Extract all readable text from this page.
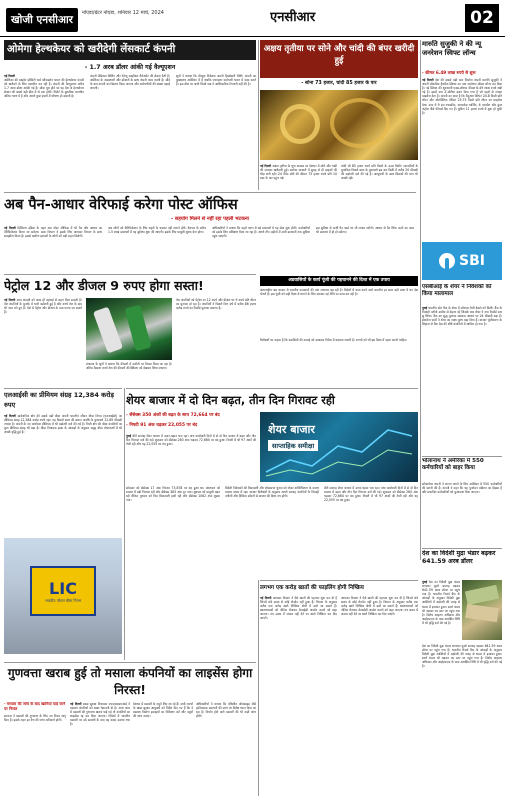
खोजी एनसीआर
नोएडा/ग्रेटर नोएडा, शनिवार 12 मार्च, 2024	एनसीआर	02
ओमेगा हेल्थकेयर को खरीदेगी लेंसकार्ट कंपनी
- 1.7 अरब डॉलर आंकी गई वैल्यूएशन
नई दिल्ली
अमेरिका की प्राइवेट इक्विटी फर्म ब्लैकस्टोन भारत की हेल्थकेयर कंपनी को खरीदने के लिए बातचीत कर रही है। कंपनी की वैल्यूएशन करीब 1.7 अरब डॉलर आंकी गई है। सौदा पूरा होने पर यह देश के हेल्थकेयर सेक्टर की सबसे बड़ी डील में से एक होगी। रिपोर्ट के मुताबिक बातचीत अंतिम चरण में है और अगले कुछ हफ्तों में घोषणा हो सकती है।
कंपनी मेडिकल बिलिंग और रेवेन्यू साइकिल मैनेजमेंट की सेवाएं देती है। अमेरिका के अस्पतालों और डॉक्टरों के साथ कंपनी काम करती है। सौदे के बाद कंपनी का विस्तार किया जाएगा और कर्मचारियों की संख्या बढ़ाई जाएगी।
सूत्रों ने बताया कि मौजूदा निवेशक अपनी हिस्सेदारी बेचेंगे। कंपनी का मुख्यालय अमेरिका में है जबकि ज्यादातर कर्मचारी भारत में काम करते हैं। इस डील पर अभी किसी पक्ष ने आधिकारिक टिप्पणी नहीं की है।
अक्षय तृतीया पर सोने और चांदी की बंपर खरीदी हुई
- सोना 73 हजार, चांदी 85 हजार के पार
नई दिल्ली अक्षय तृतीया के शुभ अवसर पर देशभर में सोने और चांदी की जमकर खरीदारी हुई। सर्राफा बाजारों में सुबह से ही ग्राहकों की भीड़ लगी रही। 24 कैरेट सोने की कीमत 73 हजार रुपये प्रति 10 ग्राम के पार पहुंच गई।
चांदी भी 85 हजार रुपये प्रति किलो के ऊपर बिकी। व्यापारियों के मुताबिक पिछले साल के मुकाबले इस बार बिक्री में करीब 20 फीसदी की बढ़ोतरी दर्ज की गई है। आभूषणों के साथ सिक्कों की मांग भी अच्छी रही।
मारुति सुजुकी ने की न्यू जनरेशन स्विफ्ट लॉन्च
- कीमत 6.49 लाख रुपये से शुरू
नई दिल्ली देश की सबसे बड़ी कार निर्माता कंपनी मारुति सुजुकी ने अपनी लोकप्रिय हैचबैक स्विफ्ट का नया जनरेशन मॉडल लॉन्च कर दिया है। नई स्विफ्ट की शुरुआती एक्स-शोरूम कीमत 6.49 लाख रुपये रखी गई है। इसमें नया Z-सीरीज इंजन दिया गया है जो पहले से ज्यादा माइलेज देता है। कंपनी का दावा है कि मैनुअल वेरिएंट 24.8 किमी प्रति लीटर और ऑटोमैटिक वेरिएंट 25.75 किमी प्रति लीटर का माइलेज देगा। कार में 9 इंच टचस्क्रीन, वायरलेस चार्जिंग, 6 एयरबैग और क्रूज कंट्रोल जैसे फीचर्स दिए गए हैं। बुकिंग 11 हजार रुपये में शुरू हो चुकी है।
अब पैन-आधार वेरिफाई करेगा पोस्ट ऑफिस
- सहयोग मिलने से नहीं रहा पहली भटकना
नई दिल्ली डिजिटल इंडिया के तहत अब पोस्ट ऑफिस में भी पैन और आधार का वेरिफिकेशन किया जा सकेगा। डाक विभाग ने इसके लिए आयकर विभाग के साथ समझौता किया है। इससे ग्रामीण इलाकों के लोगों को बड़ी राहत मिलेगी।
अब लोगों को वेरिफिकेशन के लिए शहरों के चक्कर नहीं लगाने होंगे। देशभर के करीब 1.5 लाख डाकघरों में यह सुविधा शुरू की जाएगी। इसके लिए मामूली शुल्क देना होगा।
अधिकारियों ने बताया कि पहले चरण में बड़े डाकघरों में यह सेवा शुरू होगी। कर्मचारियों को इसके लिए प्रशिक्षण दिया जा रहा है। अगले तीन महीनों में सभी डाकघरों तक सुविधा पहुंच जाएगी।
इस सुविधा से फर्जी पैन कार्ड पर भी लगाम लगेगी। आधार से पैन लिंक करने का काम भी डाकघर में ही हो सकेगा।
पेट्रोल 12 और डीजल 9 रुपए होगा सस्ता!
नई दिल्ली आम आदमी को जल्द ही महंगाई से राहत मिल सकती है। तेल कंपनियों के मुनाफे में भारी बढ़ोतरी हुई है और कच्चे तेल के दाम भी नरम बने हुए हैं। ऐसे में पेट्रोल और डीजल के दाम घटाए जा सकते हैं।
तेल कंपनियों को पेट्रोल पर 12 रुपये और डीजल पर 9 रुपये प्रति लीटर का मुनाफा हो रहा है। कंपनियों ने पिछले वित्त वर्ष में करीब 86 हजार करोड़ रुपये का रिकॉर्ड मुनाफा कमाया है।
मंत्रालय के सूत्रों ने बताया कि कीमतों में कटौती पर विचार किया जा रहा है। अंतिम फैसला कच्चे तेल की कीमतों की स्थिरता को देखकर लिया जाएगा।
अप्रवासियों के कार्य पूंजी की पहचानने की दिशा में एक उपाय
अंतरराष्ट्रीय श्रम बाजार में भारतीय कामगारों की मांग लगातार बढ़ रही है। विदेशों में काम करने वाले भारतीय हर साल बड़ी मात्रा में धन देश भेजते हैं। इस पूंजी को सही दिशा में लगाने के लिए सरकार नई नीति पर काम कर रही है।
विशेषज्ञों का कहना है कि प्रवासियों की कमाई को उत्पादक निवेश में बदलना जरूरी है। राज्यों को भी इस दिशा में पहल करनी चाहिए।
SBI
एसबीआई के शेयर ने निवेशकों को किया मालामाल
मुंबई भारतीय स्टेट बैंक के शेयर में जोरदार तेजी देखने को मिली। बैंक के तिमाही नतीजे उम्मीद से बेहतर रहे जिसके बाद शेयर ने नया रिकॉर्ड स्तर छू लिया। बैंक का शुद्ध मुनाफा सालाना आधार पर 24 फीसदी बढ़ा है। ब्रोकरेज फर्मों ने शेयर का लक्ष्य मूल्य बढ़ा दिया है। बाजार पूंजीकरण के लिहाज से बैंक देश की शीर्ष कंपनियों में शामिल हो गया है।
एलआईसी का प्रीमियम संग्रह 12,384 करोड़ रुपए
नई दिल्ली सार्वजनिक क्षेत्र की सबसे बड़ी बीमा कंपनी भारतीय जीवन बीमा निगम (एलआईसी) का प्रीमियम संग्रह 12,384 करोड़ रुपये रहा। यह पिछले साल की समान अवधि के मुकाबले 12.89 फीसदी ज्यादा है। कंपनी के नए कारोबार प्रीमियम में भी बढ़ोतरी दर्ज की गई है। निजी क्षेत्र की बीमा कंपनियों का कुल प्रीमियम संग्रह भी बढ़ा है। बीमा नियामक इरडा के आंकड़ों के अनुसार समूह बीमा योजनाओं में भी अच्छी वृद्धि हुई है।
LIC
भारतीय जीवन बीमा निगम
शेयर बाजार में दो दिन बढ़त, तीन दिन गिरावट रही
- सेंसेक्स 350 अंकों की बढ़त के साथ 72,664 पर बंद
- निफ्टी 91 अंक चढ़कर 22,055 पर बंद	शेयर बाजार
साप्ताहिक समीक्षा
मुंबई बीते सप्ताह शेयर बाजार में उतार-चढ़ाव भरा रहा। पांच कारोबारी दिनों में से दो दिन बाजार में बढ़त और तीन दिन गिरावट दर्ज की गई। शुक्रवार को सेंसेक्स 260 अंक चढ़कर 72,664 पर बंद हुआ। निफ्टी में भी 97 अंकों की तेजी रही और यह 22,055 पर बंद हुआ।
सोमवार को सेंसेक्स 17 अंक गिरकर 73,878 पर बंद हुआ था। मंगलवार को बाजार में बड़ी गिरावट रही और सेंसेक्स 383 अंक टूट गया। बुधवार को मामूली बढ़त रही लेकिन गुरुवार को फिर बिकवाली हावी रही और सेंसेक्स 1062 अंक लुढ़क गया।
विदेशी निवेशकों की बिकवाली और लोकसभा चुनाव को लेकर अनिश्चितता के कारण बाजार दबाव में रहा। बाजार विशेषज्ञों के अनुसार अगले सप्ताह कंपनियों के तिमाही नतीजों और वैश्विक संकेतों से बाजार की दिशा तय होगी।
बीते सप्ताह शेयर बाजार में उतार-चढ़ाव भरा रहा। पांच कारोबारी दिनों में से दो दिन बाजार में बढ़त और तीन दिन गिरावट दर्ज की गई। शुक्रवार को सेंसेक्स 260 अंक चढ़कर 72,664 पर बंद हुआ। निफ्टी में भी 97 अंकों की तेजी रही और यह 22,055 पर बंद हुआ।
भोलानाथ ने अमेरिका में 550 कर्मचारियों को बाहर किया
सॉफ्टवेयर कंपनी ने लागत घटाने के लिए अमेरिका में 550 कर्मचारियों की छंटनी की है। कंपनी ने कहा कि यह पुनर्गठन प्रक्रिया का हिस्सा है और प्रभावित कर्मचारियों को मुआवजा दिया जाएगा।
देश का विदेशी मुद्रा भंडार बढ़कर 641.59 अरब डॉलर
मुंबई देश का विदेशी मुद्रा भंडार लगातार दूसरे सप्ताह बढ़कर 641.59 अरब डॉलर पर पहुंच गया है। भारतीय रिजर्व बैंक के आंकड़ों के अनुसार विदेशी मुद्रा आस्तियों में बढ़ोतरी की वजह से भंडार में इजाफा हुआ। स्वर्ण भंडार भी बढ़कर नए स्तर पर पहुंच गया है। विशेष आहरण अधिकार और आईएमएफ के पास आरक्षित निधि में भी वृद्धि दर्ज की गई है।
देश का विदेशी मुद्रा भंडार लगातार दूसरे सप्ताह बढ़कर 641.59 अरब डॉलर पर पहुंच गया है। भारतीय रिजर्व बैंक के आंकड़ों के अनुसार विदेशी मुद्रा आस्तियों में बढ़ोतरी की वजह से भंडार में इजाफा हुआ। स्वर्ण भंडार भी बढ़कर नए स्तर पर पहुंच गया है। विशेष आहरण अधिकार और आईएमएफ के पास आरक्षित निधि में भी वृद्धि दर्ज की गई है।
लगभग एक करोड़ खातों की फाइलिंग होगी निष्क्रिय
नई दिल्ली आयकर विभाग ने ऐसे खातों की पहचान शुरू कर दी है जिनमें लंबे समय से कोई लेनदेन नहीं हुआ है। विभाग के अनुसार करीब एक करोड़ खाते निष्क्रिय श्रेणी में डाले जा सकते हैं। खाताधारकों को नोटिस भेजकर केवाईसी अपडेट कराने को कहा जाएगा। तय समय में जवाब नहीं देने पर खाते निष्क्रिय कर दिए जाएंगे।
आयकर विभाग ने ऐसे खातों की पहचान शुरू कर दी है जिनमें लंबे समय से कोई लेनदेन नहीं हुआ है। विभाग के अनुसार करीब एक करोड़ खाते निष्क्रिय श्रेणी में डाले जा सकते हैं। खाताधारकों को नोटिस भेजकर केवाईसी अपडेट कराने को कहा जाएगा। तय समय में जवाब नहीं देने पर खाते निष्क्रिय कर दिए जाएंगे।
गुणवत्ता खराब हुई तो मसाला कंपनियों का लाइसेंस होगा निरस्त!
- मसाला की जांच के बाद खामियां पाई जाने पर निरस्त
सरकार ने मसालों की गुणवत्ता के लिए नए नियम लागू किए हैं। इसके तहत हर बैच की जांच अनिवार्य होगी।
नई दिल्ली खाद्य सुरक्षा नियामक एफएसएसएआई ने मसाला कंपनियों को सख्त चेतावनी दी है। अगर जांच में मसालों की गुणवत्ता खराब पाई गई तो कंपनियों का लाइसेंस रद्द कर दिया जाएगा। विदेशों में भारतीय मसालों पर उठे सवालों के बाद यह कदम उठाया गया है।
देशभर में मसालों के नमूने लिए जा रहे हैं। सभी राज्यों के खाद्य सुरक्षा आयुक्तों को निर्देश दिए गए हैं कि वे मसाला निर्माण इकाइयों का निरीक्षण करें और नमूनों की जांच कराएं।
अधिकारियों ने बताया कि एथिलीन ऑक्साइड जैसे हानिकारक रसायनों की जांच पर विशेष ध्यान दिया जा रहा है। निर्यात होने वाले मसालों की भी कड़ी जांच होगी।
